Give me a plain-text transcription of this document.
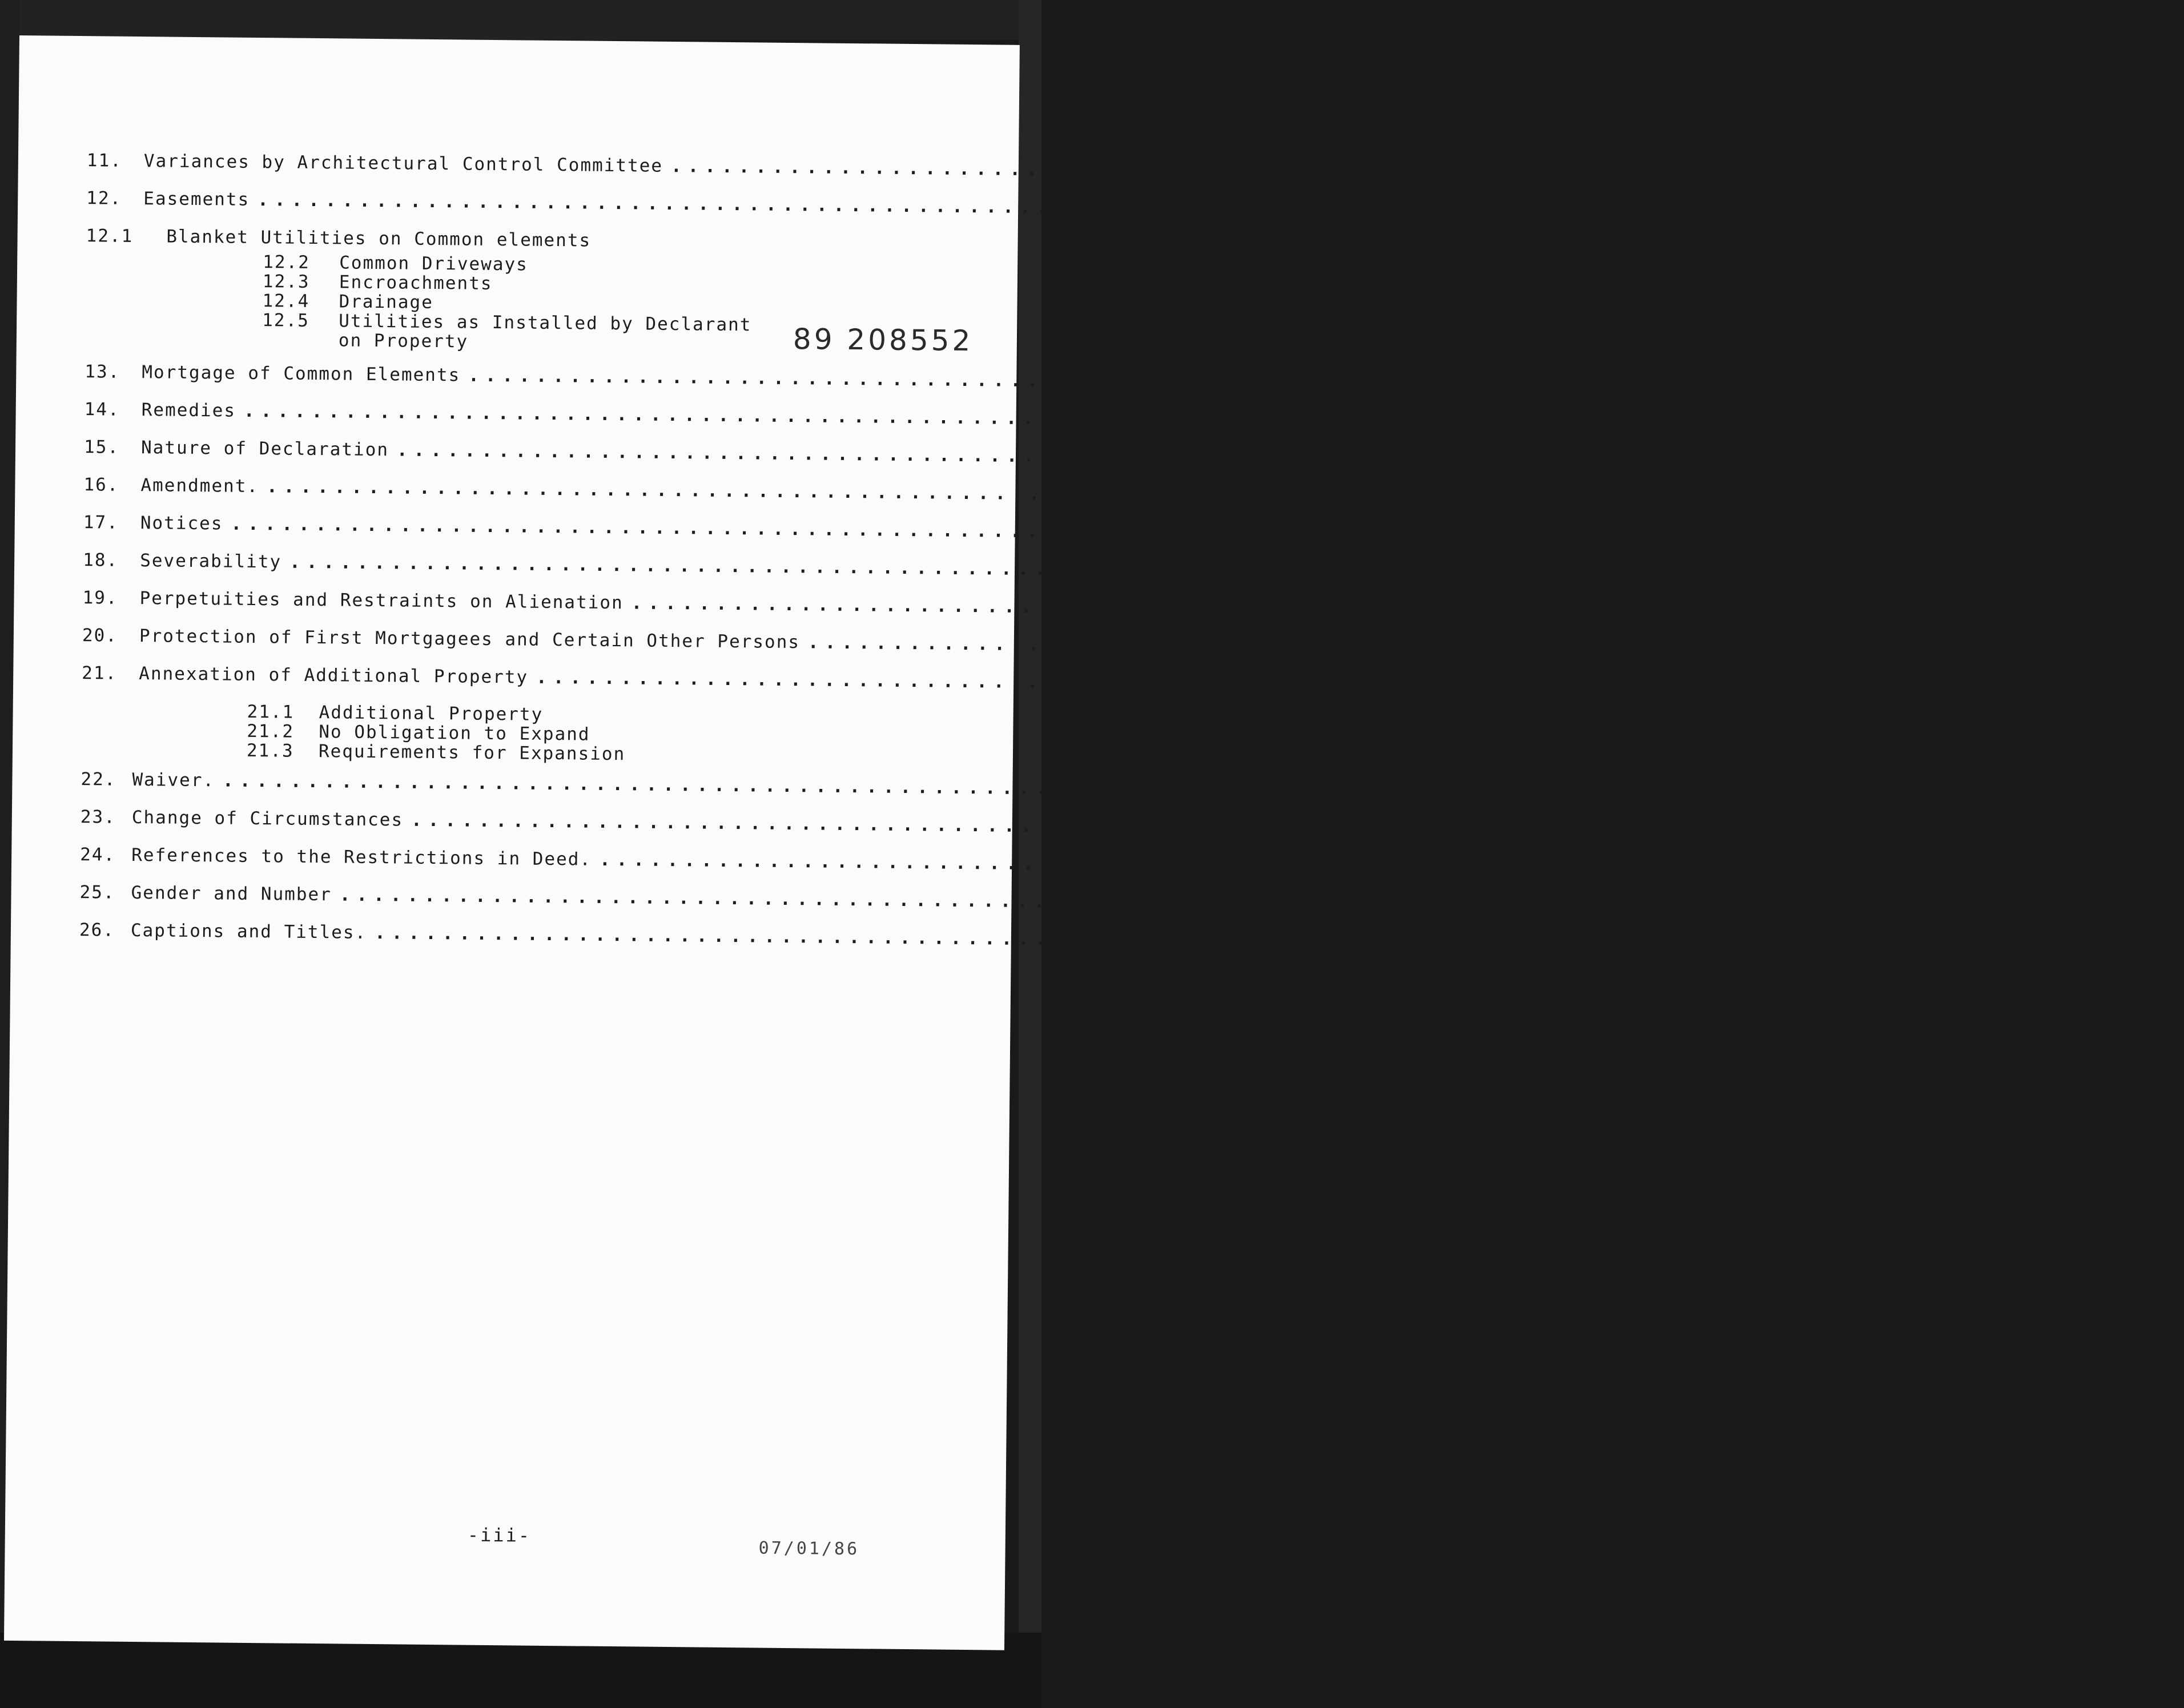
11.	Variances by Architectural Control Committee .............................................................................. .36
12.	Easements ..............................................................................	36
12.1 Blanket Utilities on Common elements
12.2 Common Driveways
12.3 Encroachments
12.4 Drainage
12.5 Utilities as Installed by Declarant
on Property
13.	Mortgage of Common Elements ..............................................................................	38
14.	Remedies .............................................................................. .38
15.	Nature of Declaration ..............................................................................	40
16.	Amendment. .............................................................................. .40
17.	Notices ..............................................................................	41
18.	Severability .............................................................................. .42
19.	Perpetuities and Restraints on Alienation ..............................................................................	42
20.	Protection of First Mortgagees and Certain Other Persons .............................................................................. .42
21.	Annexation of Additional Property ..............................................................................	44
21.1 Additional Property
21.2 No Obligation to Expand
21.3 Requirements for Expansion
22. Waiver. .............................................................................. .45
23. Change of Circumstances .............................................................................. .45
24. References to the Restrictions in Deed. .............................................................................. .45
25. Gender and Number .............................................................................. .46
26. Captions and Titles. ..............................................................................	46
89 208552
-iii-
07/01/86
